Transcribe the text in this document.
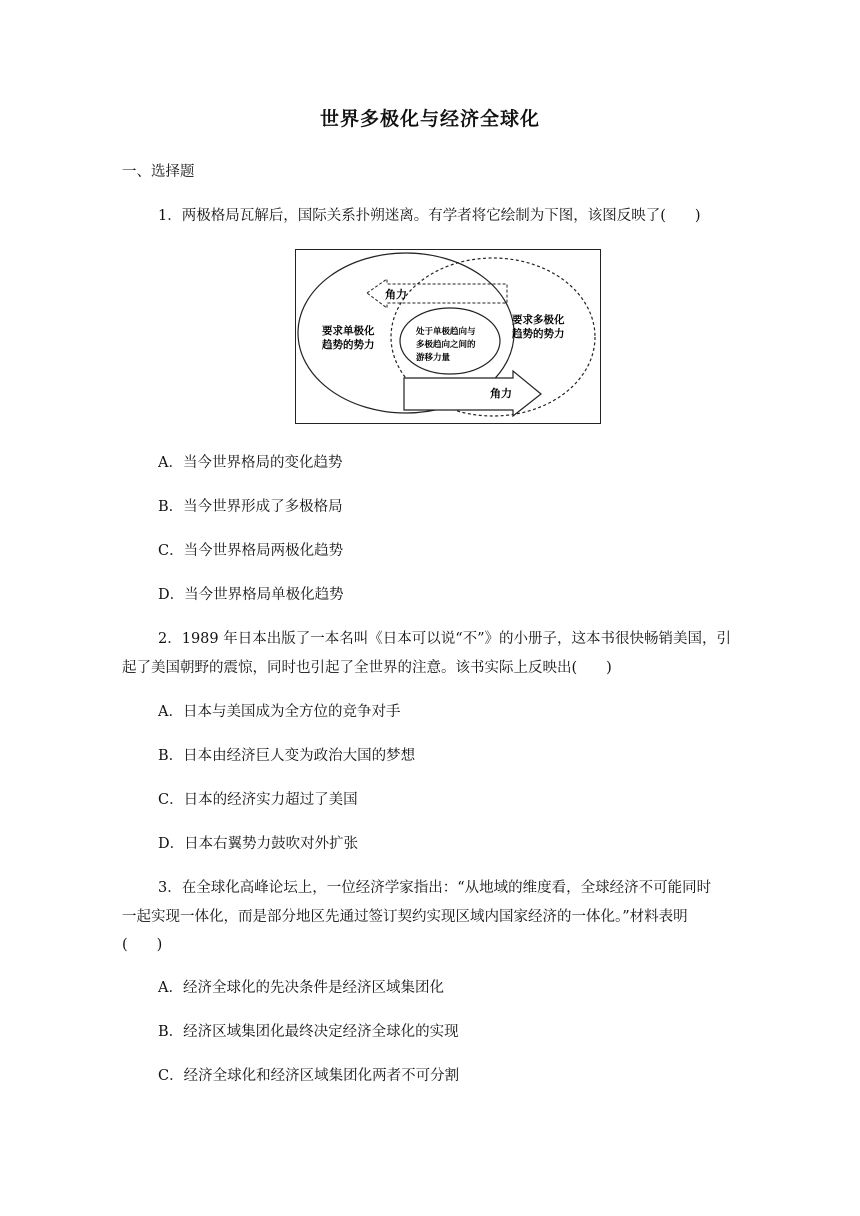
世界多极化与经济全球化
一、选择题
1．两极格局瓦解后，国际关系扑朔迷离。有学者将它绘制为下图，该图反映了(　　)
角力
角力
要求单极化
趋势的势力
要求多极化
趋势的势力
处于单极趋向与
多极趋向之间的
游移力量
A．当今世界格局的变化趋势
B．当今世界形成了多极格局
C．当今世界格局两极化趋势
D．当今世界格局单极化趋势
2．1989 年日本出版了一本名叫《日本可以说“不”》的小册子，这本书很快畅销美国，引
起了美国朝野的震惊，同时也引起了全世界的注意。该书实际上反映出(　　)
A．日本与美国成为全方位的竞争对手
B．日本由经济巨人变为政治大国的梦想
C．日本的经济实力超过了美国
D．日本右翼势力鼓吹对外扩张
3．在全球化高峰论坛上，一位经济学家指出：“从地域的维度看，全球经济不可能同时
一起实现一体化，而是部分地区先通过签订契约实现区域内国家经济的一体化。”材料表明
(　　)
A．经济全球化的先决条件是经济区域集团化
B．经济区域集团化最终决定经济全球化的实现
C．经济全球化和经济区域集团化两者不可分割
